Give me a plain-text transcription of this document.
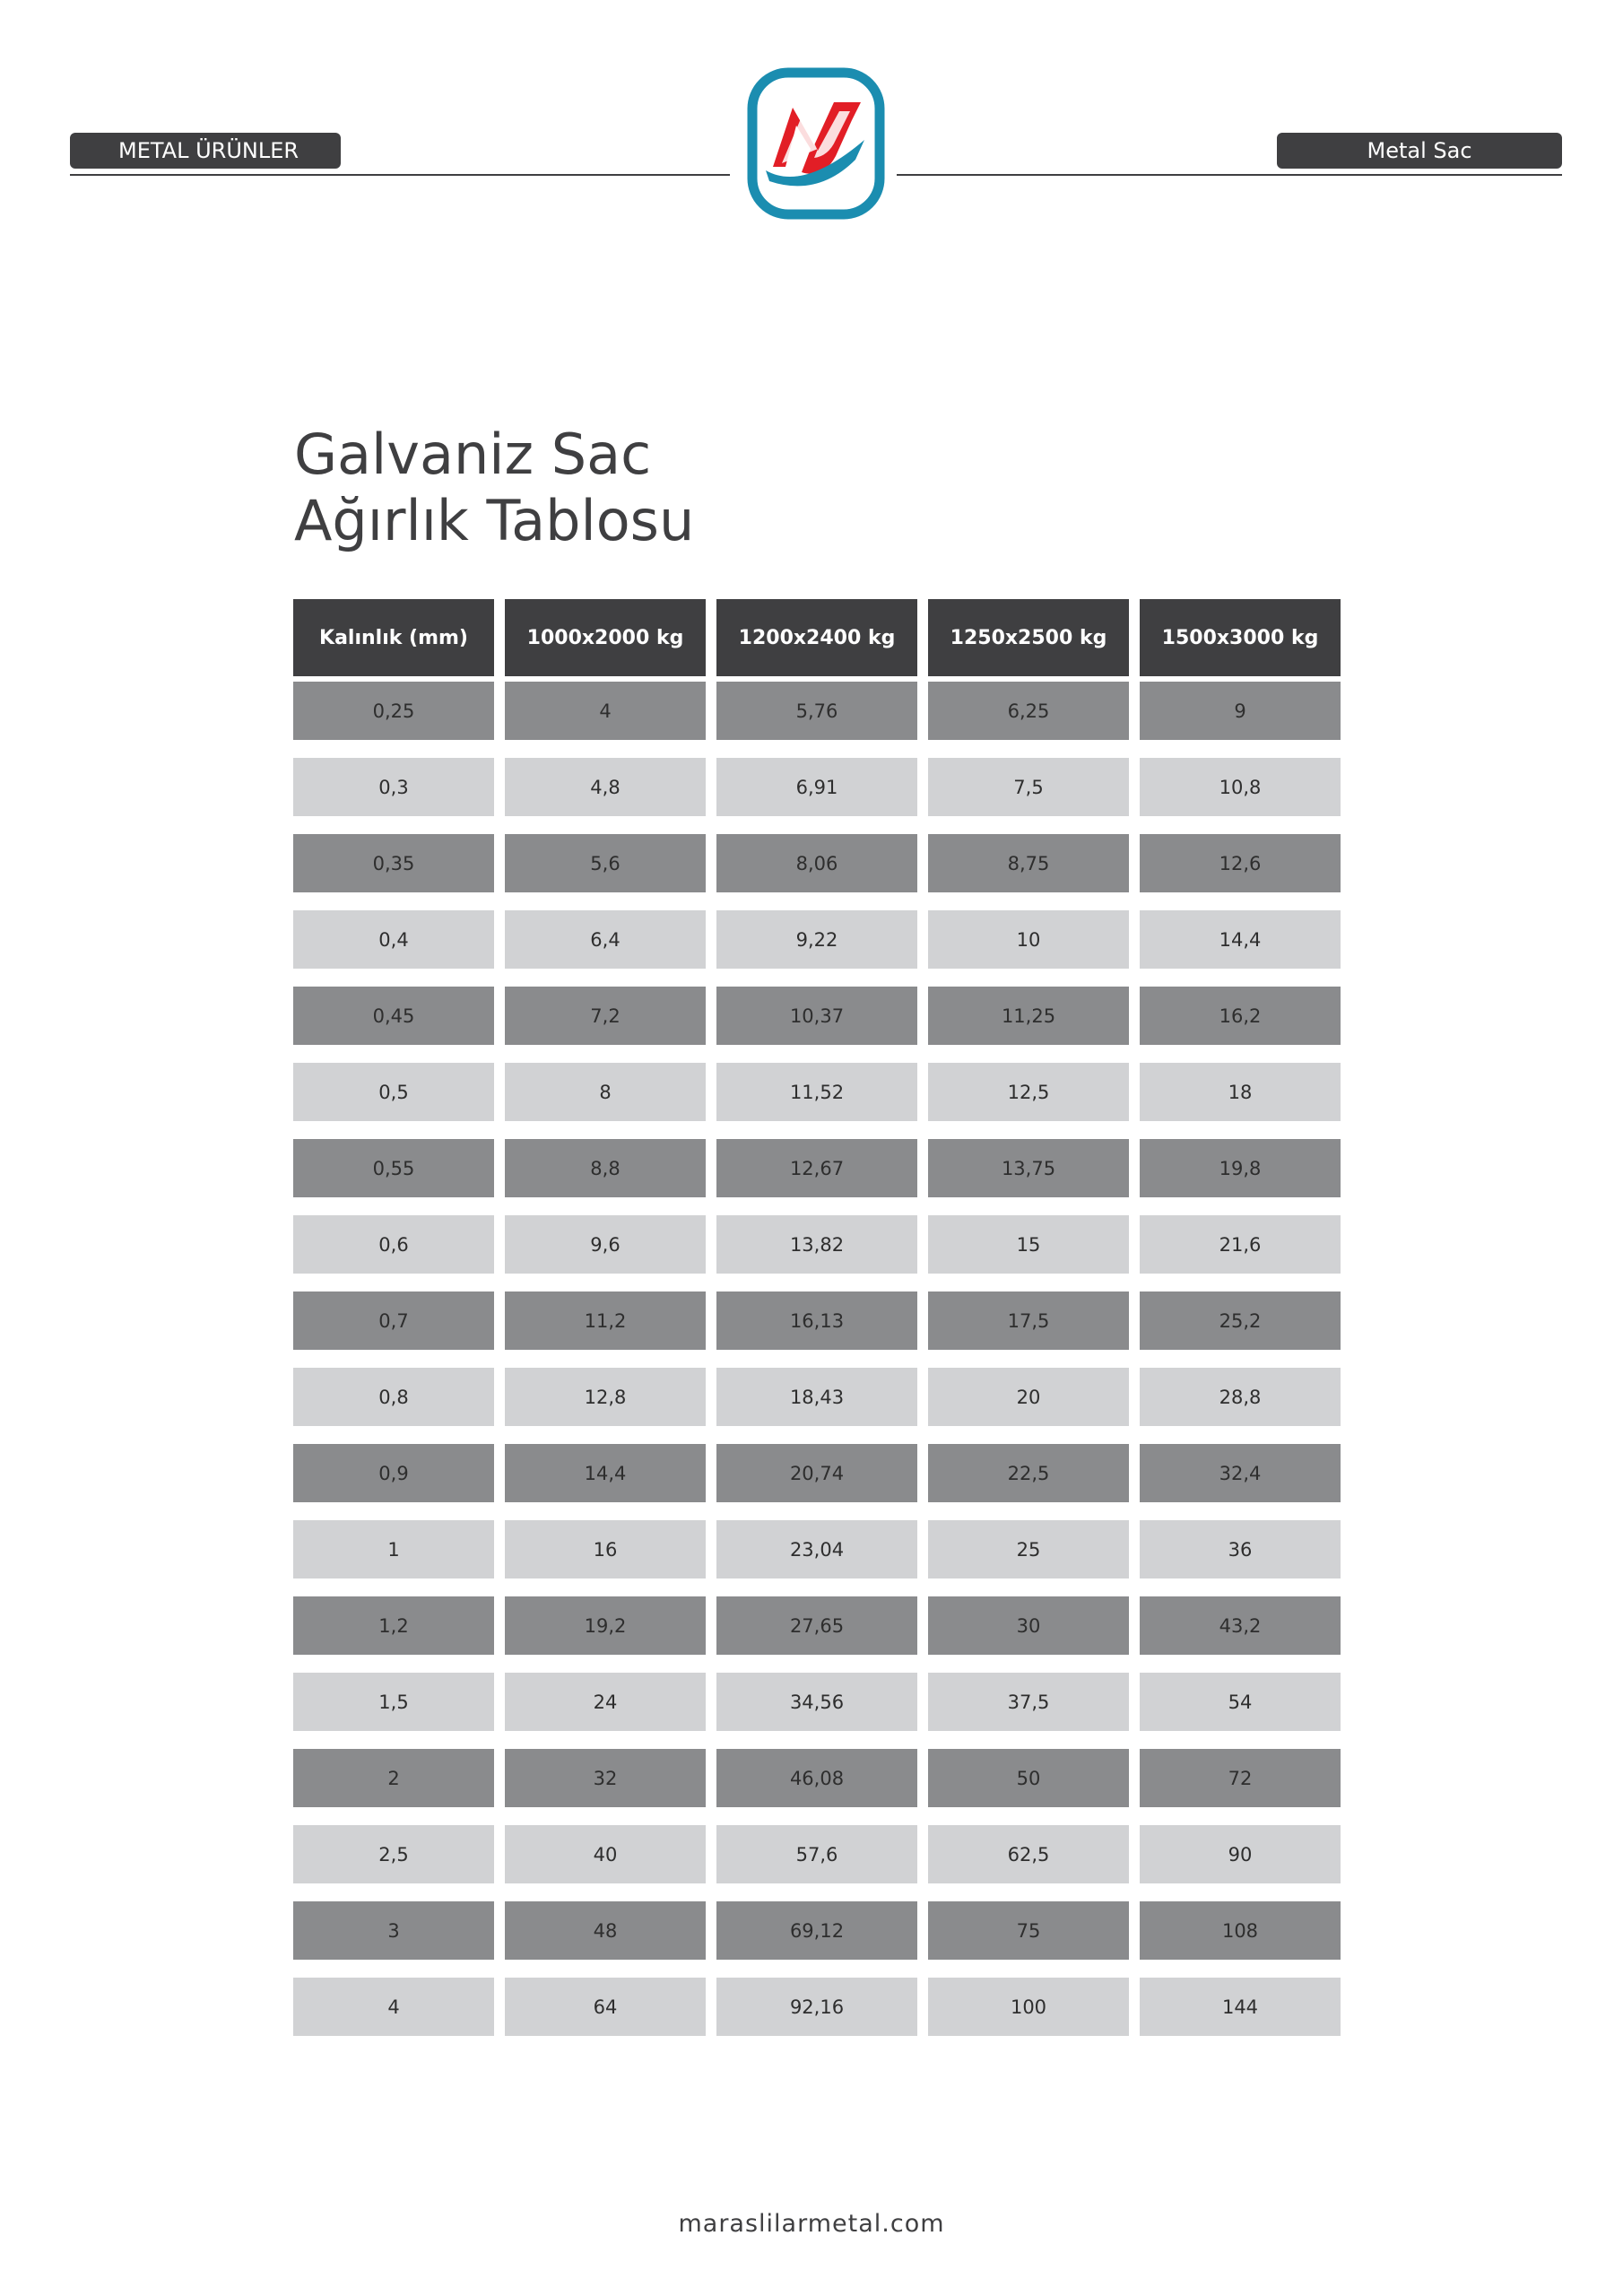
METAL ÜRÜNLER	Metal Sac
Galvaniz Sac
Ağırlık Tablosu
Kalınlık (mm)	1000x2000 kg	1200x2400 kg	1250x2500 kg	1500x3000 kg
0,25	4	5,76	6,25	9
0,3	4,8	6,91	7,5	10,8
0,35	5,6	8,06	8,75	12,6
0,4	6,4	9,22	10	14,4
0,45	7,2	10,37	11,25	16,2
0,5	8	11,52	12,5	18
0,55	8,8	12,67	13,75	19,8
0,6	9,6	13,82	15	21,6
0,7	11,2	16,13	17,5	25,2
0,8	12,8	18,43	20	28,8
0,9	14,4	20,74	22,5	32,4
1	16	23,04	25	36
1,2	19,2	27,65	30	43,2
1,5	24	34,56	37,5	54
2	32	46,08	50	72
2,5	40	57,6	62,5	90
3	48	69,12	75	108
4	64	92,16	100	144
maraslilarmetal.com
